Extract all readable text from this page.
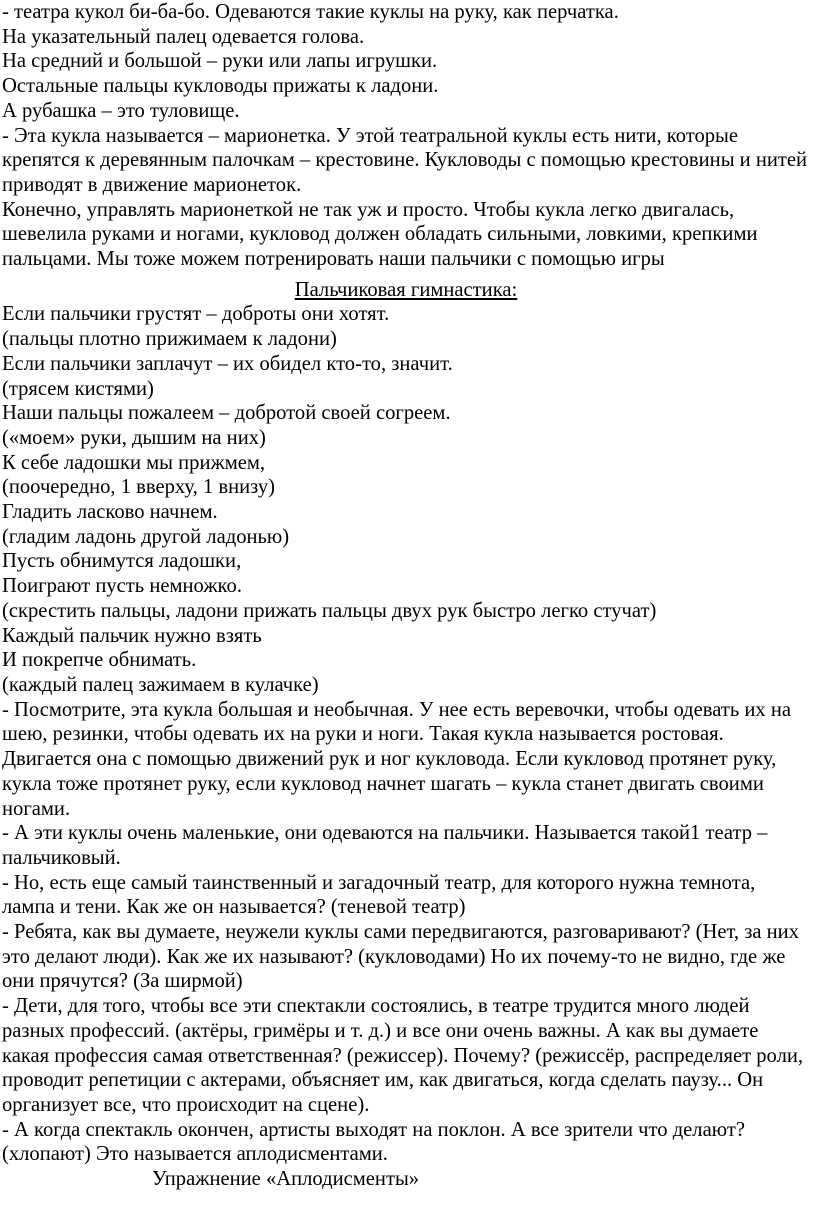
- театра кукол би-ба-бо. Одеваются такие куклы на руку, как перчатка.

На указательный палец одевается голова.

На средний и большой – руки или лапы игрушки.

Остальные пальцы кукловоды прижаты к ладони.

А рубашка – это туловище.

- Эта кукла называется – марионетка. У этой театральной куклы есть нити, которые крепятся к деревянным палочкам – крестовине. Кукловоды с помощью крестовины и нитей приводят в движение марионеток.

Конечно, управлять марионеткой не так уж и просто. Чтобы кукла легко двигалась, шевелила руками и ногами, кукловод должен обладать сильными, ловкими, крепкими пальцами. Мы тоже можем потренировать наши пальчики с помощью игры

Пальчиковая гимнастика:

Если пальчики грустят – доброты они хотят.

(пальцы плотно прижимаем к ладони)

Если пальчики заплачут – их обидел кто-то, значит.

(трясем кистями)

Наши пальцы пожалеем – добротой своей согреем.

(«моем» руки, дышим на них)

К себе ладошки мы прижмем,

(поочередно, 1 вверху, 1 внизу)

Гладить ласково начнем.

(гладим ладонь другой ладонью)

Пусть обнимутся ладошки,

Поиграют пусть немножко.

(скрестить пальцы, ладони прижать пальцы двух рук быстро легко стучат)

Каждый пальчик нужно взять

И покрепче обнимать.

(каждый палец зажимаем в кулачке)

- Посмотрите, эта кукла большая и необычная. У нее есть веревочки, чтобы одевать их на шею, резинки, чтобы одевать их на руки и ноги. Такая кукла называется ростовая. Двигается она с помощью движений рук и ног кукловода. Если кукловод протянет руку, кукла тоже протянет руку, если кукловод начнет шагать – кукла станет двигать своими ногами.

- А эти куклы очень маленькие, они одеваются на пальчики. Называется такой1 театр – пальчиковый.

- Но, есть еще самый таинственный и загадочный театр, для которого нужна темнота, лампа и тени. Как же он называется? (теневой театр)

- Ребята, как вы думаете, неужели куклы сами передвигаются, разговаривают? (Нет, за них это делают люди). Как же их называют? (кукловодами) Но их почему-то не видно, где же они прячутся? (За ширмой)

- Дети, для того, чтобы все эти спектакли состоялись, в театре трудится много людей разных профессий. (актёры, гримёры и т. д.) и все они очень важны. А как вы думаете какая профессия самая ответственная? (режиссер). Почему? (режиссёр, распределяет роли, проводит репетиции с актерами, объясняет им, как двигаться, когда сделать паузу... Он организует все, что происходит на сцене).

- А когда спектакль окончен, артисты выходят на поклон. А все зрители что делают? (хлопают) Это называется аплодисментами.

Упражнение «Аплодисменты»
